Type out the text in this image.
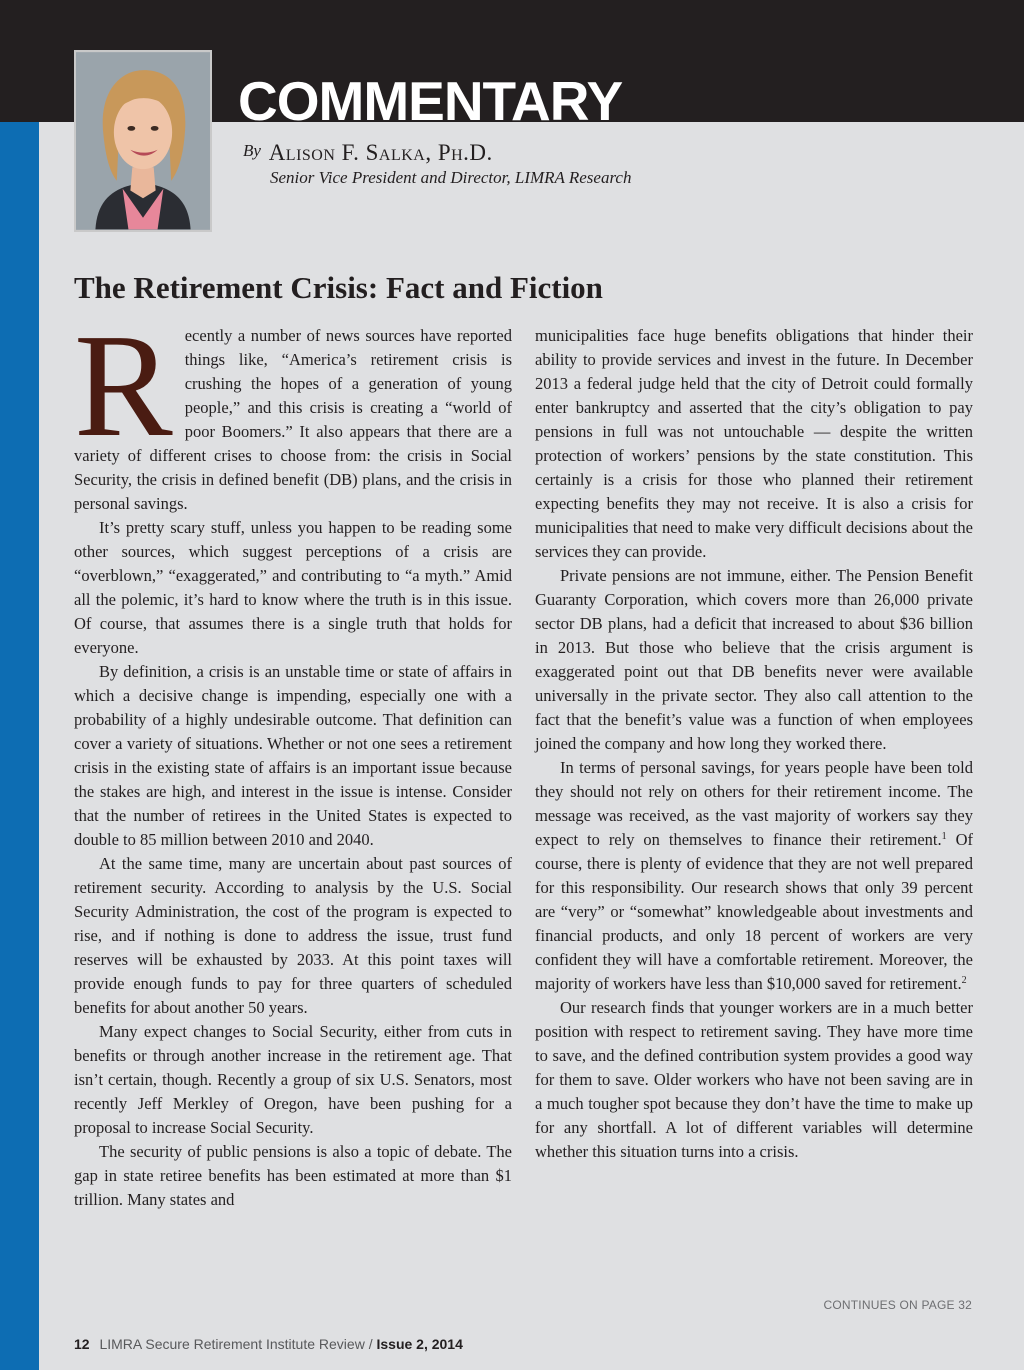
COMMENTARY
By Alison F. Salka, Ph.D.
Senior Vice President and Director, LIMRA Research
The Retirement Crisis: Fact and Fiction

Recently a number of news sources have reported things like, “America’s retirement crisis is crushing the hopes of a generation of young people,” and this crisis is creating a “world of poor Boomers.” It also appears that there are a variety of different crises to choose from: the crisis in Social Security, the crisis in defined benefit (DB) plans, and the crisis in personal savings.

It’s pretty scary stuff, unless you happen to be reading some other sources, which suggest perceptions of a crisis are “overblown,” “exaggerated,” and contributing to “a myth.” Amid all the polemic, it’s hard to know where the truth is in this issue. Of course, that assumes there is a single truth that holds for everyone.

By definition, a crisis is an unstable time or state of affairs in which a decisive change is impending, especially one with a probability of a highly undesirable outcome. That definition can cover a variety of situations. Whether or not one sees a retirement crisis in the existing state of affairs is an important issue because the stakes are high, and interest in the issue is intense. Consider that the number of retirees in the United States is expected to double to 85 million between 2010 and 2040.

At the same time, many are uncertain about past sources of retirement security. According to analysis by the U.S. Social Security Administration, the cost of the program is expected to rise, and if nothing is done to address the issue, trust fund reserves will be exhausted by 2033. At this point taxes will provide enough funds to pay for three quarters of scheduled benefits for about another 50 years.

Many expect changes to Social Security, either from cuts in benefits or through another increase in the retirement age. That isn’t certain, though. Recently a group of six U.S. Senators, most recently Jeff Merkley of Oregon, have been pushing for a proposal to increase Social Security.

The security of public pensions is also a topic of debate. The gap in state retiree benefits has been estimated at more than $1 trillion. Many states and

municipalities face huge benefits obligations that hinder their ability to provide services and invest in the future. In December 2013 a federal judge held that the city of Detroit could formally enter bankruptcy and asserted that the city’s obligation to pay pensions in full was not untouchable — despite the written protection of workers’ pensions by the state constitution. This certainly is a crisis for those who planned their retirement expecting benefits they may not receive. It is also a crisis for municipalities that need to make very difficult decisions about the services they can provide.

Private pensions are not immune, either. The Pension Benefit Guaranty Corporation, which covers more than 26,000 private sector DB plans, had a deficit that increased to about $36 billion in 2013. But those who believe that the crisis argument is exaggerated point out that DB benefits never were available universally in the private sector. They also call attention to the fact that the benefit’s value was a function of when employees joined the company and how long they worked there.

In terms of personal savings, for years people have been told they should not rely on others for their retirement income. The message was received, as the vast majority of workers say they expect to rely on themselves to finance their retirement.$^1$ Of course, there is plenty of evidence that they are not well prepared for this responsibility. Our research shows that only 39 percent are “very” or “somewhat” knowledgeable about investments and financial products, and only 18 percent of workers are very confident they will have a comfortable retirement. Moreover, the majority of workers have less than $10,000 saved for retirement.$^2$

Our research finds that younger workers are in a much better position with respect to retirement saving. They have more time to save, and the defined contribution system provides a good way for them to save. Older workers who have not been saving are in a much tougher spot because they don’t have the time to make up for any shortfall. A lot of different variables will determine whether this situation turns into a crisis.

CONTINUES ON PAGE 32
12 LIMRA Secure Retirement Institute Review / Issue 2, 2014
